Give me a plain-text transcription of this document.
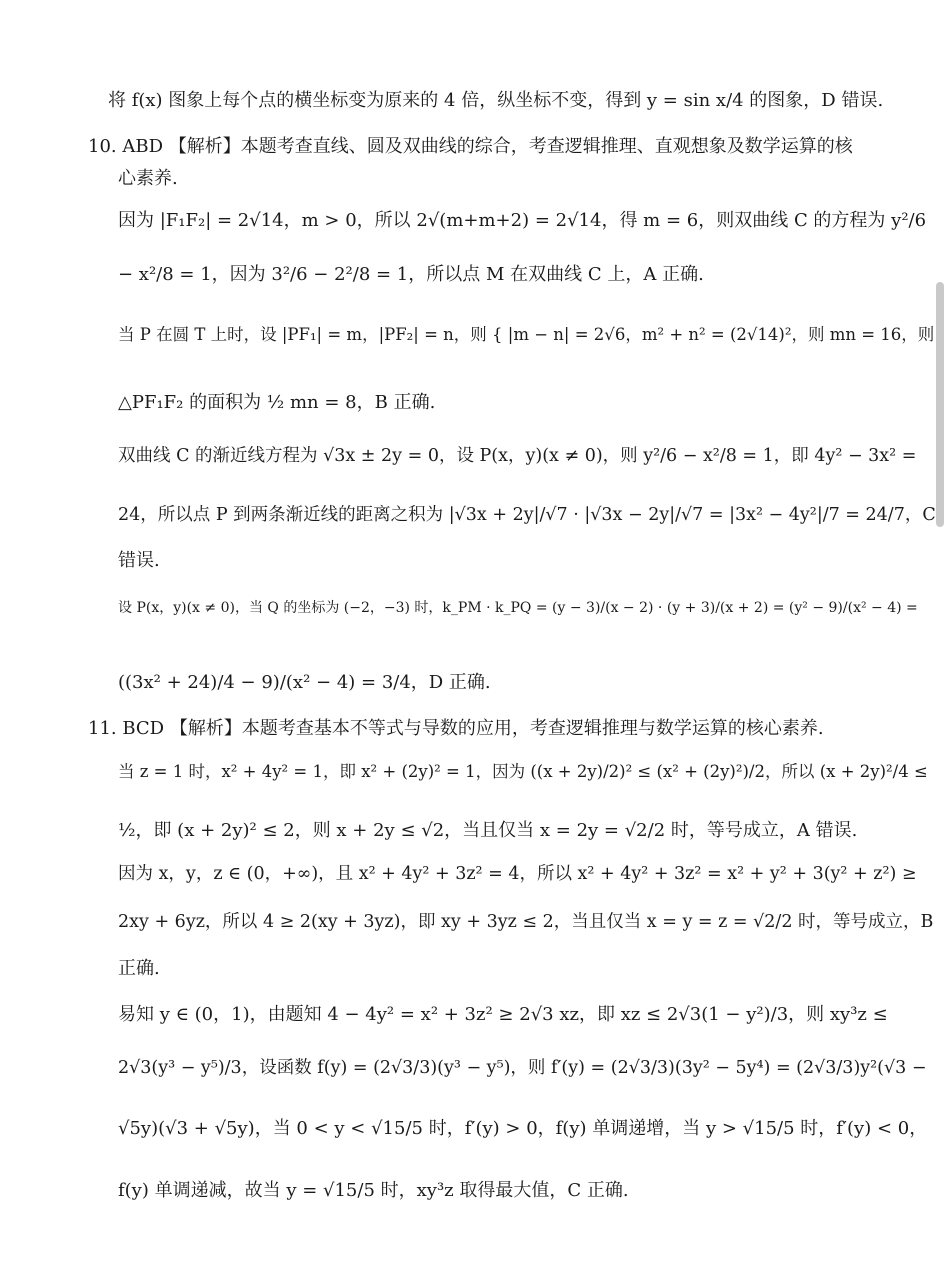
将 f(x) 图象上每个点的横坐标变为原来的 4 倍，纵坐标不变，得到 y = sin x/4 的图象，D 错误.
10. ABD 【解析】本题考查直线、圆及双曲线的综合，考查逻辑推理、直观想象及数学运算的核
心素养.
因为 |F₁F₂| = 2√14，m > 0，所以 2√(m+m+2) = 2√14，得 m = 6，则双曲线 C 的方程为 y²/6
− x²/8 = 1，因为 3²/6 − 2²/8 = 1，所以点 M 在双曲线 C 上，A 正确.
当 P 在圆 T 上时，设 |PF₁| = m，|PF₂| = n，则 { |m − n| = 2√6，m² + n² = (2√14)²，则 mn = 16，则
△PF₁F₂ 的面积为 ½ mn = 8，B 正确.
双曲线 C 的渐近线方程为 √3x ± 2y = 0，设 P(x，y)(x ≠ 0)，则 y²/6 − x²/8 = 1，即 4y² − 3x² =
24，所以点 P 到两条渐近线的距离之积为 |√3x + 2y|/√7 · |√3x − 2y|/√7 = |3x² − 4y²|/7 = 24/7，C
错误.
设 P(x，y)(x ≠ 0)，当 Q 的坐标为 (−2，−3) 时，k_PM · k_PQ = (y − 3)/(x − 2) · (y + 3)/(x + 2) = (y² − 9)/(x² − 4) =
((3x² + 24)/4 − 9)/(x² − 4) = 3/4，D 正确.
11. BCD 【解析】本题考查基本不等式与导数的应用，考查逻辑推理与数学运算的核心素养.
当 z = 1 时，x² + 4y² = 1，即 x² + (2y)² = 1，因为 ((x + 2y)/2)² ≤ (x² + (2y)²)/2，所以 (x + 2y)²/4 ≤
½，即 (x + 2y)² ≤ 2，则 x + 2y ≤ √2，当且仅当 x = 2y = √2/2 时，等号成立，A 错误.
因为 x，y，z ∈ (0，+∞)，且 x² + 4y² + 3z² = 4，所以 x² + 4y² + 3z² = x² + y² + 3(y² + z²) ≥
2xy + 6yz，所以 4 ≥ 2(xy + 3yz)，即 xy + 3yz ≤ 2，当且仅当 x = y = z = √2/2 时，等号成立，B
正确.
易知 y ∈ (0，1)，由题知 4 − 4y² = x² + 3z² ≥ 2√3 xz，即 xz ≤ 2√3(1 − y²)/3，则 xy³z ≤
2√3(y³ − y⁵)/3，设函数 f(y) = (2√3/3)(y³ − y⁵)，则 f′(y) = (2√3/3)(3y² − 5y⁴) = (2√3/3)y²(√3 −
√5y)(√3 + √5y)，当 0 < y < √15/5 时，f′(y) > 0，f(y) 单调递增，当 y > √15/5 时，f′(y) < 0，
f(y) 单调递减，故当 y = √15/5 时，xy³z 取得最大值，C 正确.
